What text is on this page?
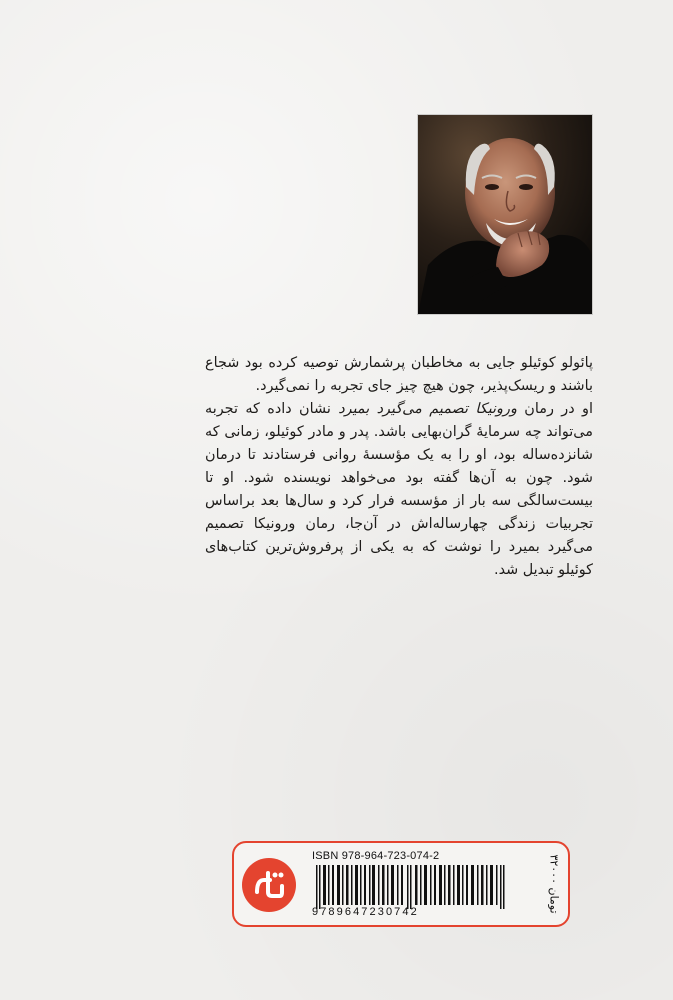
پائولو کوئیلو جایی به مخاطبان پرشمارش توصیه کرده بود شجاع باشند و ریسک‌پذیر، چون هیچ چیز جای تجربه را نمی‌گیرد.

او در رمان ورونیکا تصمیم می‌گیرد بمیرد نشان داده که تجربه می‌تواند چه سرمایهٔ گران‌بهایی باشد. پدر و مادر کوئیلو، زمانی که شانزده‌ساله بود، او را به یک مؤسسهٔ روانی فرستادند تا درمان شود. چون به آن‌ها گفته بود می‌خواهد نویسنده شود. او تا بیست‌سالگی سه بار از مؤسسه فرار کرد و سال‌ها بعد براساس تجربیات زندگی چهارساله‌اش در آن‌جا، رمان ورونیکا تصمیم می‌گیرد بمیرد را نوشت که به یکی از پرفروش‌ترین کتاب‌های کوئیلو تبدیل شد.

ISBN 978-964-723-074-2
9789647230742
۳۲۰۰۰ تومان
